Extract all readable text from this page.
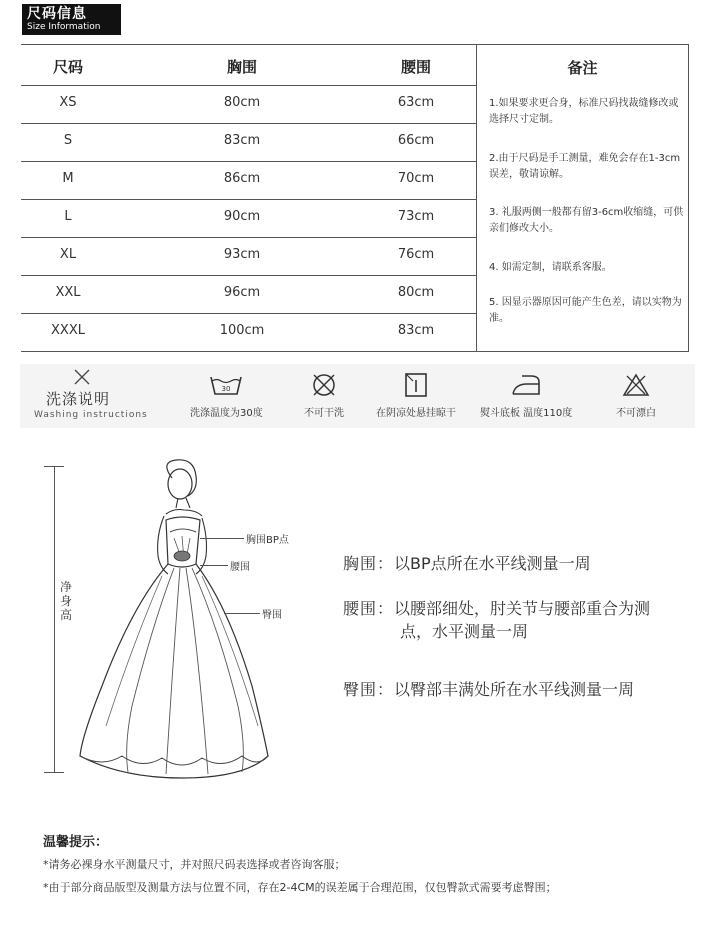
尺码信息
Size Information
尺码	胸围	腰围
XS	80cm	63cm
S	83cm	66cm
M	86cm	70cm
L	90cm	73cm
XL	93cm	76cm
XXL	96cm	80cm
XXXL	100cm	83cm
备注
1.如果要求更合身，标准尺码找裁缝修改或选择尺寸定制。
2.由于尺码是手工测量，难免会存在1-3cm误差，敬请谅解。
3. 礼服两侧一般都有留3-6cm收缩缝，可供亲们修改大小。
4. 如需定制，请联系客服。
5. 因显示器原因可能产生色差，请以实物为准。
洗涤说明
Washing instructions
30
洗涤温度为30度	不可干洗	在阴凉处悬挂晾干 熨斗底板 温度110度	不可漂白
净身高
胸围BP点
腰围
臀围
胸围：以BP点所在水平线测量一周
腰围：以腰部细处，肘关节与腰部重合为测
点，水平测量一周
臀围：以臀部丰满处所在水平线测量一周
温馨提示：
*请务必裸身水平测量尺寸，并对照尺码表选择或者咨询客服；
*由于部分商品版型及测量方法与位置不同，存在2-4CM的误差属于合理范围，仅包臀款式需要考虑臀围；
